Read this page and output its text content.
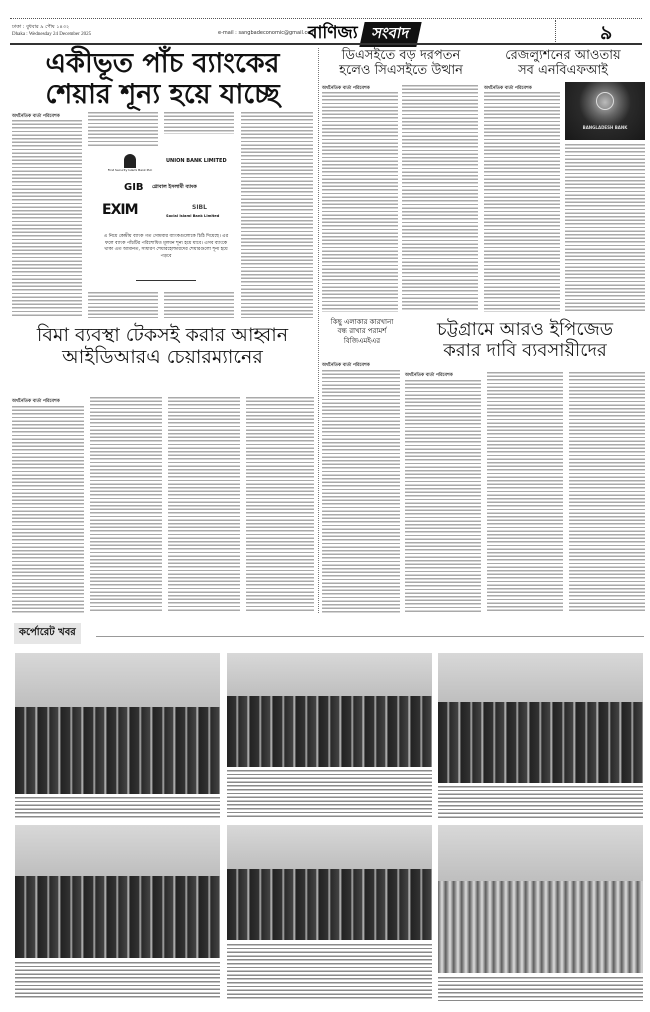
ঢাকা : বুধবার ৯ পৌষ ১৪৩২
Dhaka : Wednesday 24 December 2025	e-mail : sangbadeconomic@gmail.com
বাণিজ্য সংবাদ	৯
একীভূত পাঁচ ব্যাংকের
শেয়ার শূন্য হয়ে যাচ্ছে
অর্থনৈতিক বার্তা পরিবেশক
First Security Islami Bank PLC
UNION BANK LIMITED
GIB গ্লোবাল ইসলামী ব্যাংক
EXIM	SIBL
Social Islami Bank Limited
এ নিয়ে কেন্দ্রীয় ব্যাংক গত সোমবার ব্যাংকগুলোকে চিঠি দিয়েছে। এর ফলে ব্যাংক পাঁচটির পরিশোধিত মূলধন শূন্য হয়ে যাবে। এসব ব্যাংকে থাকা এত আমানত, সাধারণ শেয়ারহোল্ডারদের শেয়ারগুলো শূন্য হয়ে পড়বে
ডিএসইতে বড় দরপতন
হলেও সিএসইতে উত্থান
অর্থনৈতিক বার্তা পরিবেশক
রেজল্যুশনের আওতায়
সব এনবিএফআই
অর্থনৈতিক বার্তা পরিবেশক
BANGLADESH BANK
কিছু এলাকার কারখানা
বন্ধ রাখার পরামর্শ
বিজিএমইএর
অর্থনৈতিক বার্তা পরিবেশক
চট্টগ্রামে আরও ইপিজেড
করার দাবি ব্যবসায়ীদের
অর্থনৈতিক বার্তা পরিবেশক
বিমা ব্যবস্থা টেকসই করার আহ্বান
আইডিআরএ চেয়ারম্যানের
অর্থনৈতিক বার্তা পরিবেশক
কর্পোরেট খবর
